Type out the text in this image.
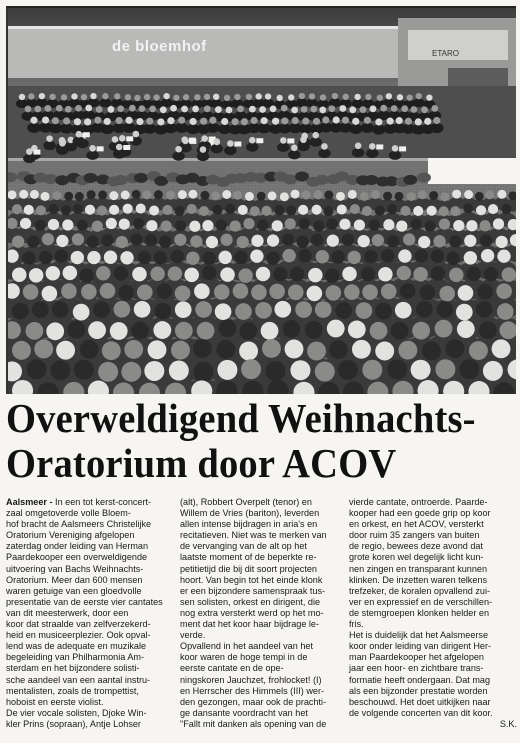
ETARO
de bloemhof
Overweldigend Weihnachts-
Oratorium door ACOV
Aalsmeer - In een tot kerst-concert-
zaal omgetoverde volle Bloem-
hof bracht de Aalsmeers Christelijke
Oratorium Vereniging afgelopen
zaterdag onder leiding van Herman
Paardekooper een overweldigende
uitvoering van Bachs Weihnachts-
Oratorium. Meer dan 600 mensen
waren getuige van een gloedvolle
presentatie van de eerste vier cantates
van dit meesterwerk, door een
koor dat straalde van zelfverzekerd-
heid en musiceerplezier. Ook opval-
lend was de adequate en muzikale
begeleiding van Philharmonia Am-
sterdam en het bijzondere solisti-
sche aandeel van een aantal instru-
mentalisten, zoals de trompettist,
hoboist en eerste violist.
De vier vocale solisten, Djoke Win-
kler Prins (sopraan), Antje Lohser
(alt), Robbert Overpelt (tenor) en
Willem de Vries (bariton), leverden
allen intense bijdragen in aria's en
recitatieven. Niet was te merken van
de vervanging van de alt op het
laatste moment of de beperkte re-
petitietijd die bij dit soort projecten
hoort. Van begin tot het einde klonk
er een bijzondere samenspraak tus-
sen solisten, orkest en dirigent, die
nog extra versterkt werd op het mo-
ment dat het koor haar bijdrage le-
verde.
Opvallend in het aandeel van het
koor waren de hoge tempi in de
eerste cantate en de ope-
ningskoren Jauchzet, frohlocket! (I)
en Herrscher des Himmels (III) wer-
den gezongen, maar ook de prachti-
ge dansante voordracht van het
"Fallt mit danken als opening van de
vierde cantate, ontroerde. Paarde-
kooper had een goede grip op koor
en orkest, en het ACOV, versterkt
door ruim 35 zangers van buiten
de regio, bewees deze avond dat
grote koren wel degelijk licht kun-
nen zingen en transparant kunnen
klinken. De inzetten waren telkens
trefzeker, de koralen opvallend zui-
ver en expressief en de verschillen-
de stemgroepen klonken helder en
fris.
Het is duidelijk dat het Aalsmeerse
koor onder leiding van dirigent Her-
man Paardekooper het afgelopen
jaar een hoor- en zichtbare trans-
formatie heeft ondergaan. Dat mag
als een bijzonder prestatie worden
beschouwd. Het doet uitkijken naar
de volgende concerten van dit koor.
S.K.
